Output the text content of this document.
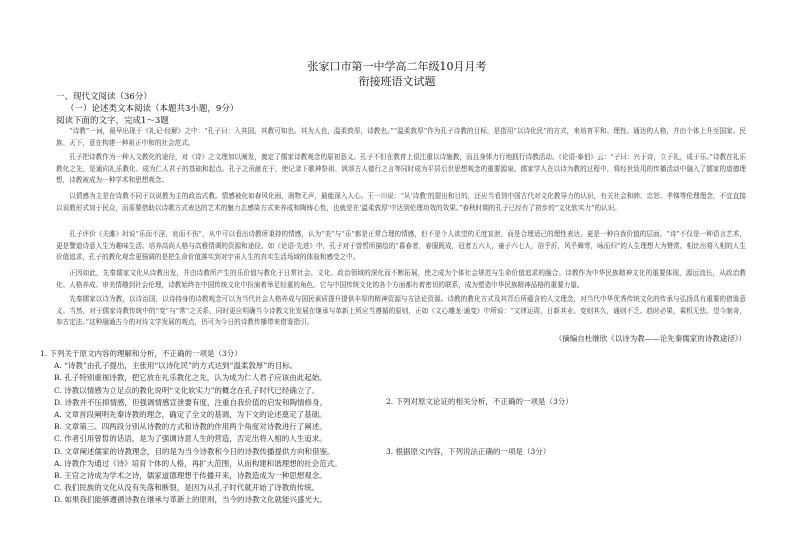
张家口市第一中学高二年级10月月考
衔接班语文试题
一、现代文阅读（36分）
（一）论述类文本阅读（本题共3小题，9分）
阅读下面的文字，完成1～3题
“诗教”一词，最早出现于《礼记·经解》之中：“孔子曰：入其国，其教可知也。其为人也，温柔敦厚，诗教也。”“温柔敦厚”作为孔子诗教的目标，是指用“以诗化民”的方式，来培育平和、理性、通达的人格，并由个体上升至国家、民族、天下，意在构建一种祖正中和的社会范式。
孔子把诗教作为一种人文教化的途径，对《诗》之文理加以阐发，奠定了儒家诗教观念的原初意义。孔子不但在教育上很注重以诗施教，而且身体力行地践行诗教活动。《论语·泰伯》云：“子曰：兴于诗，立于礼，成于乐。”诗教在礼乐教化之先，是通向礼乐教化、成为仁人君子的基础和起点。孔子之贡献在于，使记录下歌神祭祖、讽颂古人德行之言等同时成为平居后世思想观念的重要源泉。儒家学人在以诗为教的过程中，将经世致用的传播活动中融入了儒家的道德理想，诗教被成为一种学术和思想观念。
以情感为主是在诗教不同于以说教为主的政治式教。情感被化如春风化雨，润物无声，最能深入人心。王一川说：“从‘诗教’的提出和目的，还应当看到中国古代对文化教导力的认识，有关社会和睦、忠恕、孝悌等伦理理念，不宜直接以说教形式加于民众，而需要借助以诗歌方式表达的艺术的魅力去感染方式来养成和陶铸心性，也就是在‘温柔敦厚’中达到伦理功效的效果。”春秋时期的孔子已经有了初步的“文化软实力”的认识。
孔子评价《关雎》时说“乐而不淫，哀而不伤”，从中可以看出诗教所秉持的情感，认为“美”与“乐”都是正常合理的情感，但不是个人欲望的无度宣泄，而是合理适己的理性表达，更是一种自我价值的层面。“诗”不仅是一种语言艺术，更是警道诗意人生为趣味生活、培养高尚人格与高雅情调的资源和途径。如《论语·先进》中，孔子对于曾皙所描绘的“暮春者，春服既成，冠者五六人，童子六七人，浴乎沂，风乎舞雩，咏而归”的人生理想大为赞赏。相比出将入相的人生价值追求，孔子的教化观念更强调的是把生命价值落实到对宇宙人生的真实生活场域的体验和感受之中。
正因如此，先秦儒家文化从诗教出发，并由诗教所产生的乐价值与教化于日常社会、文化、政治领域的深化而不断拓展，使之成为个体社会规范与生命价值追求的融合。诗教作为中华民族精神文化的重要体现，源远流长，从政治教化、人格养成、审美情趣到社会伦理，诗教始终在中国传统文化中扮演着举足轻重的角色。它与中国传统文化的各个方面都有着密切的联系，成为塑造中华民族精神品格的重要力量。
先秦儒家以诗为教，以诗治国、以诗持身的诗教观念可以为当代社会人格养成与国民素质提升提供丰厚的精神资源与方法论资源。诗教的教化方式及其背后所蕴含的人文理念，对当代中华优秀传统文化的传承与弘扬具有重要的借鉴意义。当然，对于儒家诗教传统中的“变”与“常”之关系，同时更应明确当今诗教文化发展在继承与革新上所应当遵循的原则，正如《文心雕龙·通变》中所说：“文律运周，日新其业。变则其久，通则不乏。趋时必果，乘机无怯。望今制奇，参古定法。”这种融通古今的对待文学发展的观点，仍可为今日的诗教传播带来借鉴指引。
（摘编自杜继欣《以诗为教——论先秦儒家的诗教途径》）

1. 下列关于原文内容的理解和分析，不正确的一项是（3分）

A. “诗教”由孔子提出，主张用“以诗化民”的方式达到“温柔敦厚”的目标。

B. 孔子特别重视诗教，把它放在礼乐教化之先，认为成为仁人君子应该由此起始。

C. 诗教以情感为立足点的教化说明“文化软实力”的概念在孔子时代已经确立了。

D. 诗教并不压抑情感，但强调情感宣泄要有度，注重自我价值的启发和陶情修身。

A. 文章首段阐明先秦诗教的理念，确定了全文的基调，为下文的论述奠定了基础。

B. 文章第三、四两段分别从诗教的方式和诗教的作用两个角度对诗教进行了阐述。

C. 作者引用曾皙的话语，是为了强调诗意人生的营造，否定出将入相的人生追求。

D. 文章阐述儒家的诗教理念，目的是为当今诗教和今日的诗教传播提供方向和借鉴。

A. 诗教作为通过《诗》培育个体的人格，再扩大范围，从而构建和谐理想的社会范式。

B. 王官之诗成为学术之诗，儒家道德理想于传播开来，诗教造成为一种思想观念。

C. 我们民族的文化从没有失落和断裂，是因为从孔子时代就开始了诗教的传统。

D. 如果我们能够遵循诗教在继承与革新上的原则，当今的诗教文化就能兴盛光大。

2. 下列对原文论证的相关分析，不正确的一项是（3分）
3. 根据原文内容，下列说法正确的一项是（3分）
